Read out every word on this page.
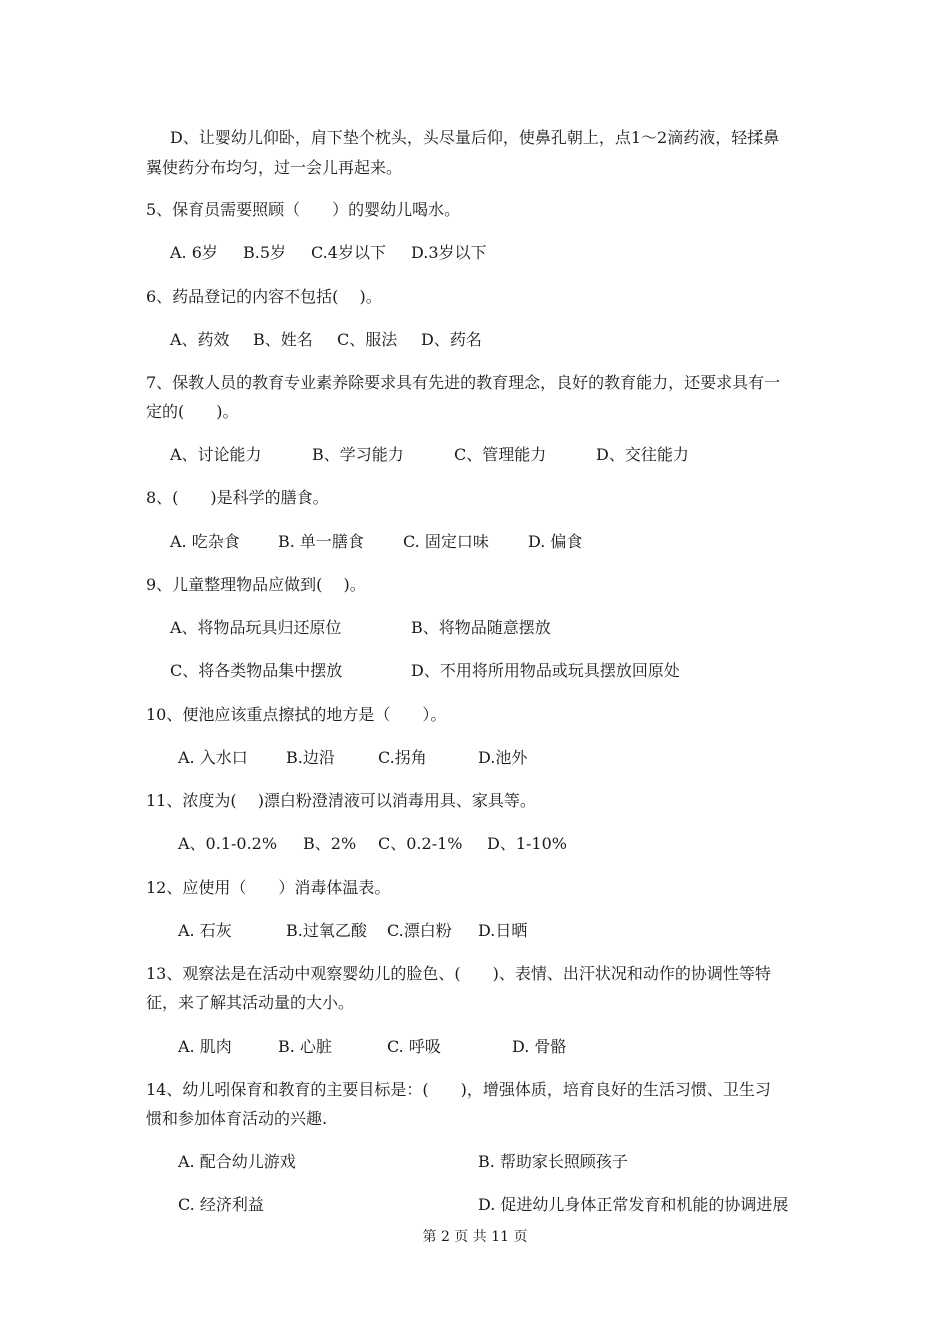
D、让婴幼儿仰卧，肩下垫个枕头，头尽量后仰，使鼻孔朝上，点1～2滴药液，轻揉鼻
翼使药分布均匀，过一会儿再起来。
5、保育员需要照顾（　　）的婴幼儿喝水。
A. 6岁 B.5岁 C.4岁以下 D.3岁以下
6、药品登记的内容不包括(　 )。
A、药效 B、姓名 C、服法 D、药名
7、保教人员的教育专业素养除要求具有先进的教育理念，良好的教育能力，还要求具有一
定的(　　)。
A、讨论能力	B、学习能力	C、管理能力	D、交往能力
8、(　　)是科学的膳食。
A. 吃杂食 B. 单一膳食 C. 固定口味 D. 偏食
9、儿童整理物品应做到(　 )。
A、将物品玩具归还原位	B、将物品随意摆放
C、将各类物品集中摆放	D、不用将所用物品或玩具摆放回原处
10、便池应该重点擦拭的地方是（　　）。
A. 入水口 B.边沿	C.拐角	D.池外
11、浓度为(　 )漂白粉澄清液可以消毒用具、家具等。
A、0.1-0.2% B、2% C、0.2-1% D、1-10%
12、应使用（　　）消毒体温表。
A. 石灰	B.过氧乙酸 C.漂白粉 D.日晒
13、观察法是在活动中观察婴幼儿的脸色、(　　)、表情、出汗状况和动作的协调性等特
征，来了解其活动量的大小。
A. 肌肉	B. 心脏	C. 呼吸	D. 骨骼
14、幼儿吲保育和教育的主要目标是：(　　)，增强体质，培育良好的生活习惯、卫生习
惯和参加体育活动的兴趣.
A. 配合幼儿游戏	B. 帮助家长照顾孩子
C. 经济利益	D. 促进幼儿身体正常发育和机能的协调进展
第 2 页 共 11 页
